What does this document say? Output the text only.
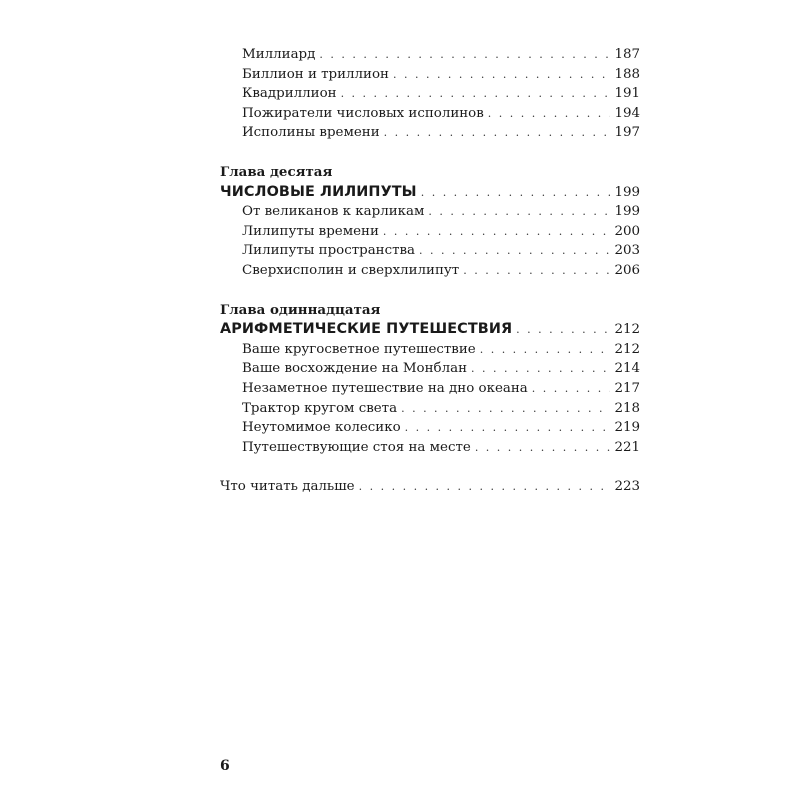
Миллиард . . .	187
Биллион и триллион . . .	188
Квадриллион . . .	191
Пожиратели числовых исполинов . . .	194
Исполины времени . . .	197
Глава десятая
ЧИСЛОВЫЕ ЛИЛИПУТЫ . . .	199
От великанов к карликам . . .	199
Лилипуты времени . . .	200
Лилипуты пространства . . .	203
Сверхисполин и сверхлилипут . . .	206
Глава одиннадцатая
АРИФМЕТИЧЕСКИЕ ПУТЕШЕСТВИЯ . . .	212
Ваше кругосветное путешествие . . .	212
Ваше восхождение на Монблан . . .	214
Незаметное путешествие на дно океана . . .	217
Трактор кругом света . . .	218
Неутомимое колесико . . .	219
Путешествующие стоя на месте . . .	221
Что читать дальше . . .	223
6
